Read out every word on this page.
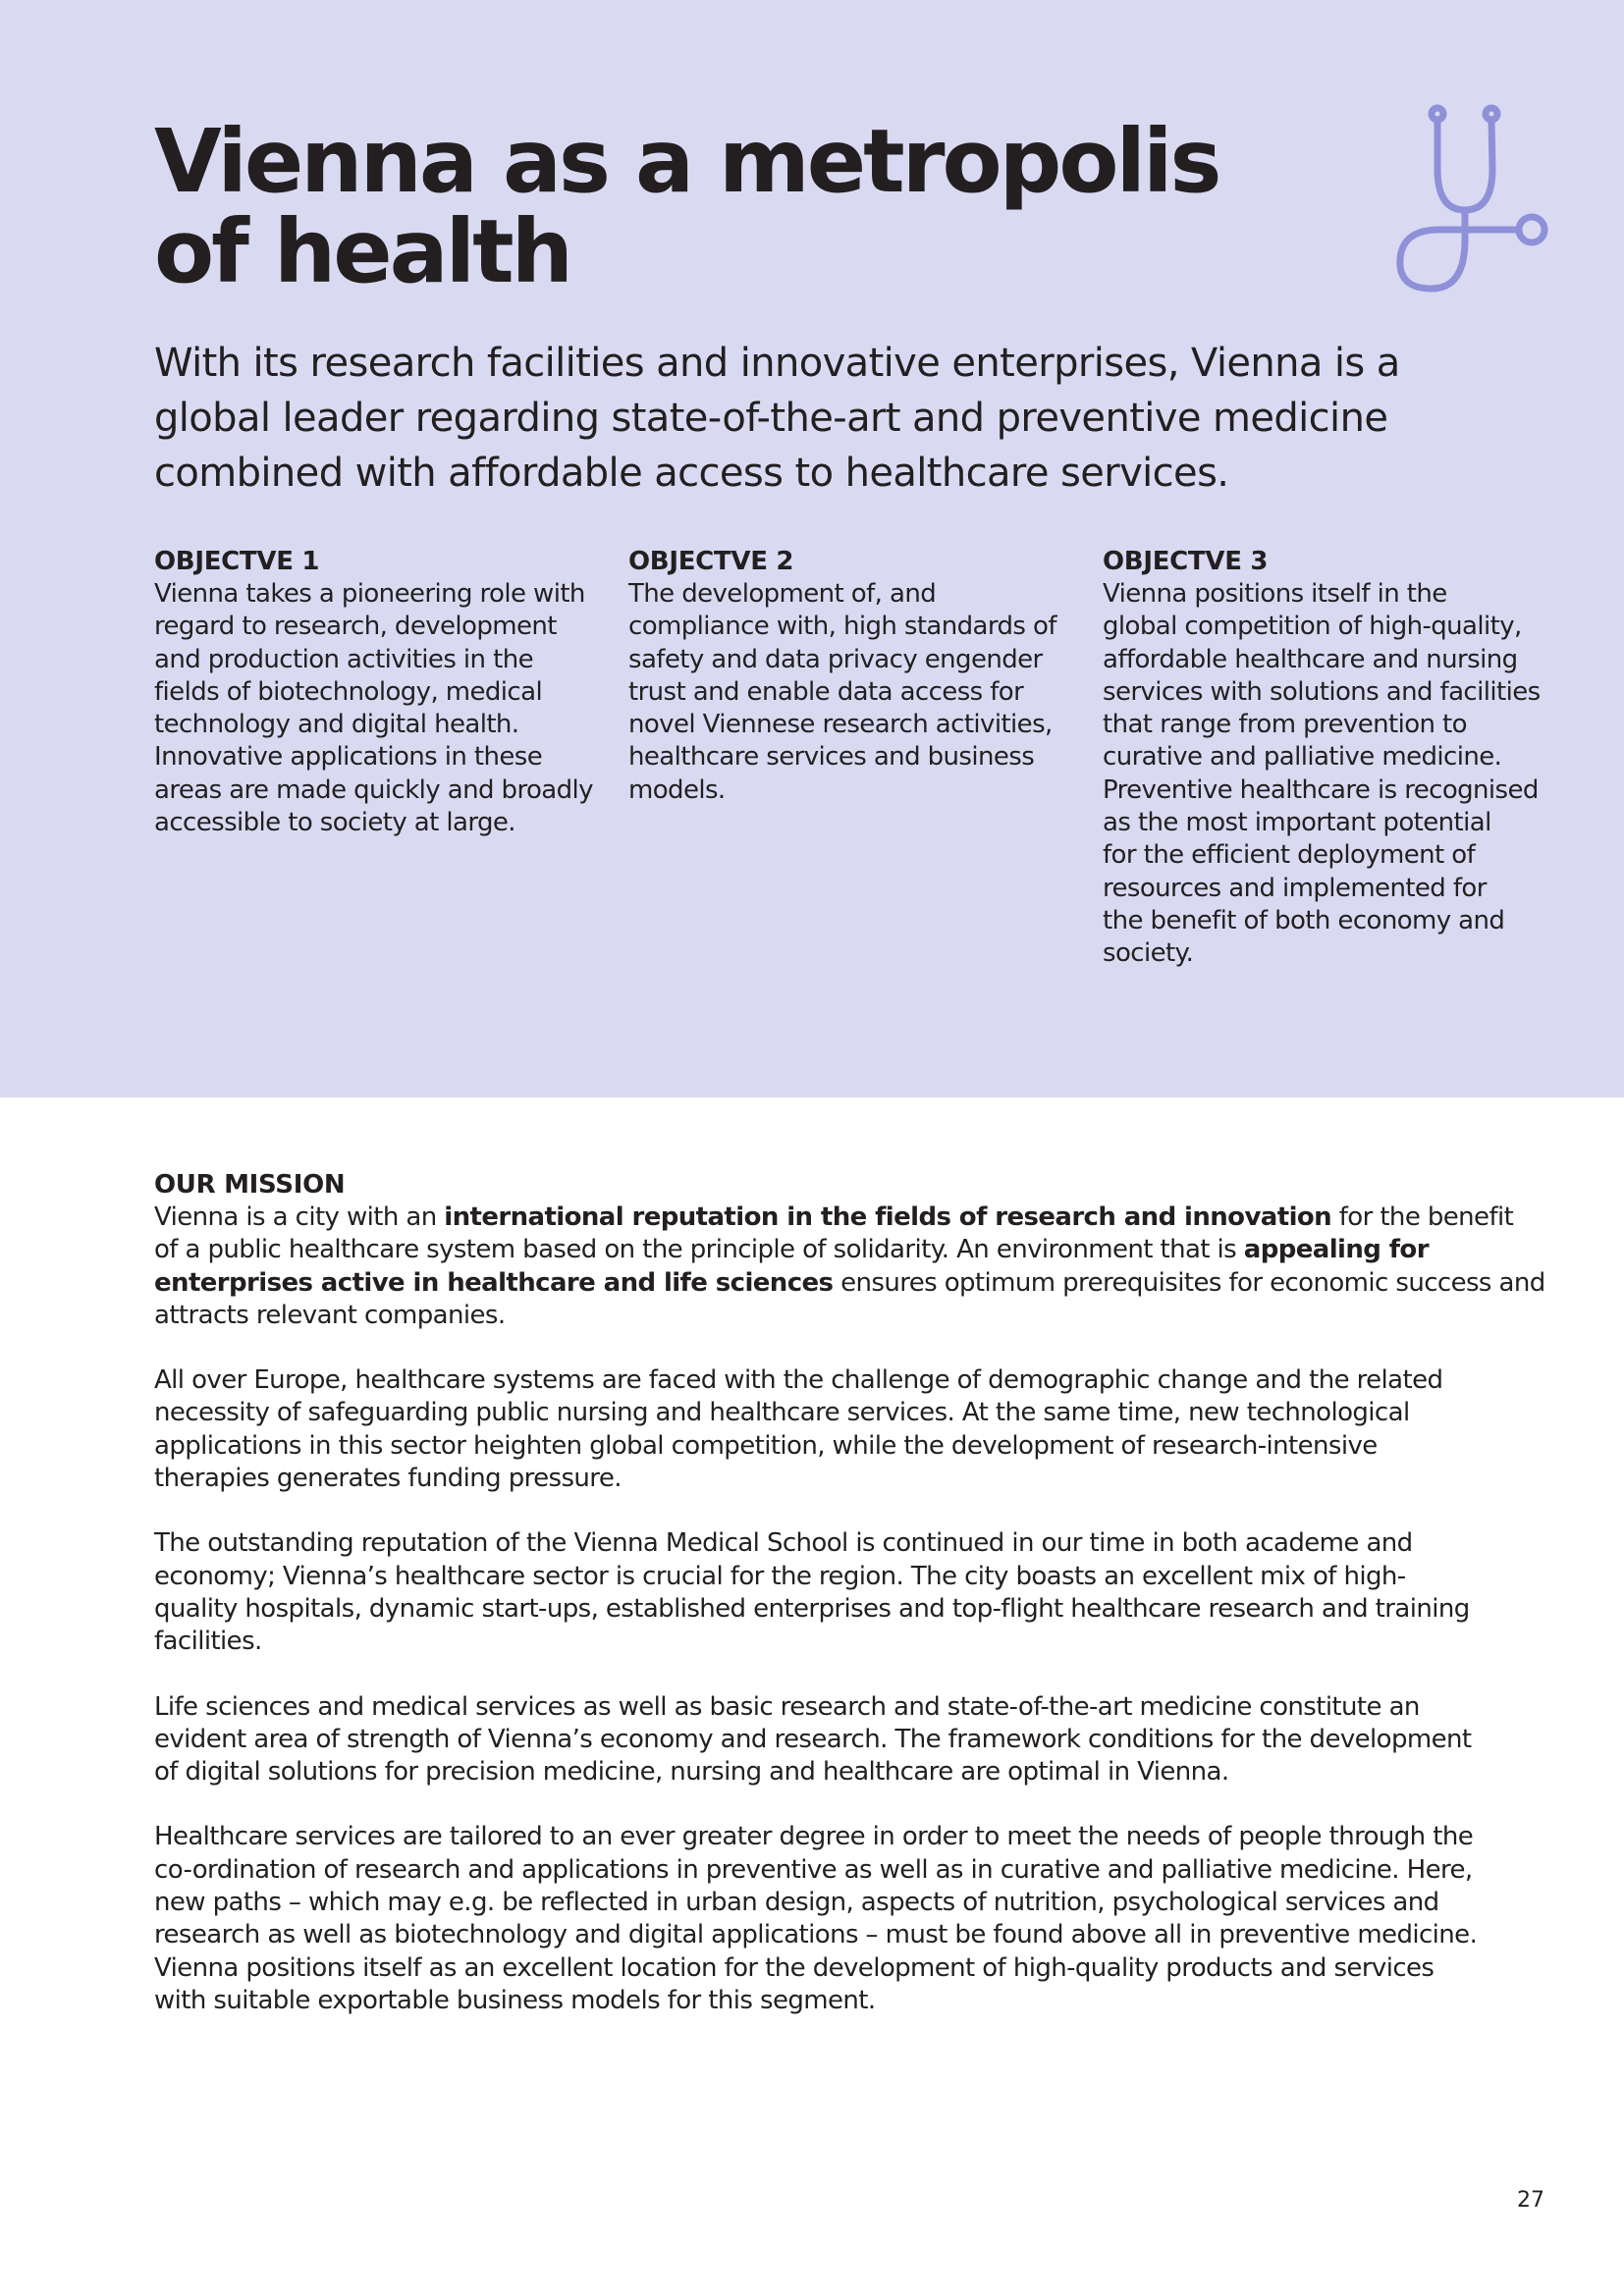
Vienna as a metropolis
of health

With its research facilities and innovative enterprises, Vienna is a
global leader regarding state-of-the-art and preventive medicine
combined with affordable access to healthcare services.

OBJECTVE 1
Vienna takes a pioneering role with
regard to research, development
and production activities in the
fields of biotechnology, medical
technology and digital health.
Innovative applications in these
areas are made quickly and broadly
accessible to society at large.
OBJECTVE 2
The development of, and
compliance with, high standards of
safety and data privacy engender
trust and enable data access for
novel Viennese research activities,
healthcare services and business
models.
OBJECTVE 3
Vienna positions itself in the
global competition of high-quality,
affordable healthcare and nursing
services with solutions and facilities
that range from prevention to
curative and palliative medicine.
Preventive healthcare is recognised
as the most important potential
for the efficient deployment of
resources and implemented for
the benefit of both economy and
society.
OUR MISSION
Vienna is a city with an international reputation in the fields of research and innovation for the benefit
of a public healthcare system based on the principle of solidarity. An environment that is appealing for
enterprises active in healthcare and life sciences ensures optimum prerequisites for economic success and
attracts relevant companies.
All over Europe, healthcare systems are faced with the challenge of demographic change and the related
necessity of safeguarding public nursing and healthcare services. At the same time, new technological
applications in this sector heighten global competition, while the development of research-intensive
therapies generates funding pressure.
The outstanding reputation of the Vienna Medical School is continued in our time in both academe and
economy; Vienna’s healthcare sector is crucial for the region. The city boasts an excellent mix of high-
quality hospitals, dynamic start-ups, established enterprises and top-flight healthcare research and training
facilities.
Life sciences and medical services as well as basic research and state-of-the-art medicine constitute an
evident area of strength of Vienna’s economy and research. The framework conditions for the development
of digital solutions for precision medicine, nursing and healthcare are optimal in Vienna.
Healthcare services are tailored to an ever greater degree in order to meet the needs of people through the
co-ordination of research and applications in preventive as well as in curative and palliative medicine. Here,
new paths – which may e.g. be reflected in urban design, aspects of nutrition, psychological services and
research as well as biotechnology and digital applications – must be found above all in preventive medicine.
Vienna positions itself as an excellent location for the development of high-quality products and services
with suitable exportable business models for this segment.
27
